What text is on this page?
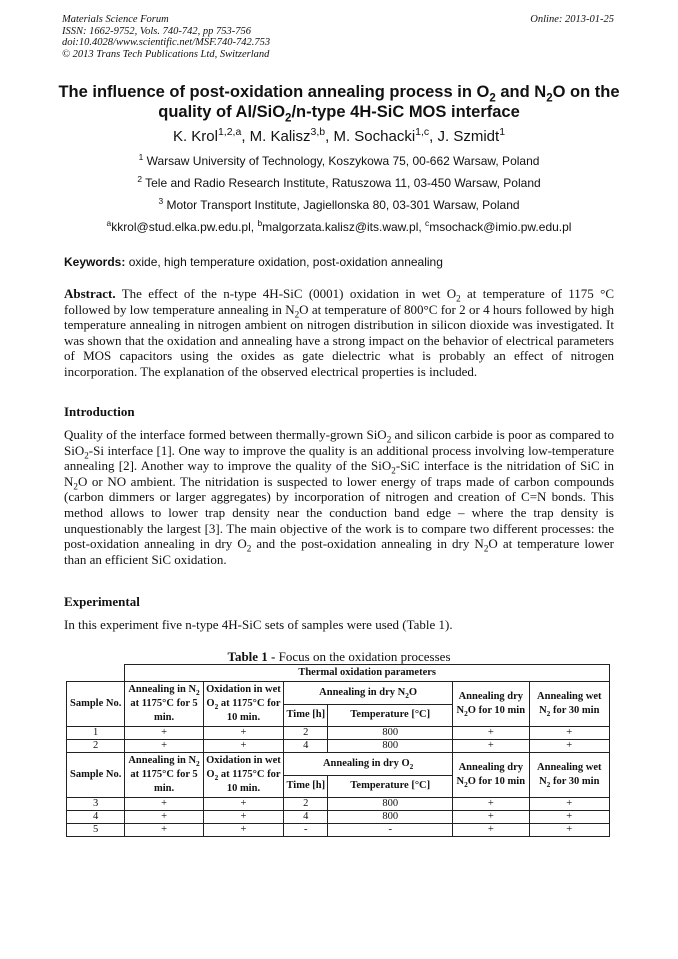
Materials Science Forum
ISSN: 1662-9752, Vols. 740-742, pp 753-756
doi:10.4028/www.scientific.net/MSF.740-742.753
© 2013 Trans Tech Publications Ltd, Switzerland
Online: 2013-01-25
The influence of post-oxidation annealing process in $O_2$ and $N_2O$ on the
quality of Al/SiO$_2$/n-type 4H-SiC MOS interface
K. Krol$^{1,2,a}$, M. Kalisz$^{3,b}$, M. Sochacki$^{1,c}$, J. Szmidt$^1$
$^1$ Warsaw University of Technology, Koszykowa 75, 00-662 Warsaw, Poland
$^2$ Tele and Radio Research Institute, Ratuszowa 11, 03-450 Warsaw, Poland
$^3$ Motor Transport Institute, Jagiellonska 80, 03-301 Warsaw, Poland
$^a$kkrol@stud.elka.pw.edu.pl, $^b$malgorzata.kalisz@its.waw.pl, $^c$msochack@imio.pw.edu.pl
Keywords: oxide, high temperature oxidation, post-oxidation annealing
Abstract. The effect of the n-type 4H-SiC (0001) oxidation in wet $O_2$ at temperature of 1175 °C followed by low temperature annealing in $N_2O$ at temperature of 800°C for 2 or 4 hours followed by high temperature annealing in nitrogen ambient on nitrogen distribution in silicon dioxide was investigated. It was shown that the oxidation and annealing have a strong impact on the behavior of electrical parameters of MOS capacitors using the oxides as gate dielectric what is probably an effect of nitrogen incorporation. The explanation of the observed electrical properties is included.
Introduction
Quality of the interface formed between thermally-grown SiO$_2$ and silicon carbide is poor as compared to SiO$_2$-Si interface [1]. One way to improve the quality is an additional process involving low-temperature annealing [2]. Another way to improve the quality of the SiO$_2$-SiC interface is the nitridation of SiC in $N_2O$ or NO ambient. The nitridation is suspected to lower energy of traps made of carbon compounds (carbon dimmers or larger aggregates) by incorporation of nitrogen and creation of C=N bonds. This method allows to lower trap density near the conduction band edge – where the trap density is unquestionably the largest [3]. The main objective of the work is to compare two different processes: the post-oxidation annealing in dry $O_2$ and the post-oxidation annealing in dry $N_2O$ at temperature lower than an efficient SiC oxidation.
Experimental
In this experiment five n-type 4H-SiC sets of samples were used (Table 1).
Table 1 - Focus on the oxidation processes
	Thermal oxidation parameters					
Sample No.	Annealing in $N_2$ at 1175°C for 5 min.	Oxidation in wet $O_2$ at 1175°C for 10 min.	Annealing in dry $N_2O$		Annealing dry $N_2O$ for 10 min	Annealing wet $N_2$ for 30 min
			Time [h]	Temperature [°C]		
1	+	+	2	800	+	+
2	+	+	4	800	+	+
Sample No.	Annealing in $N_2$ at 1175°C for 5 min.	Oxidation in wet $O_2$ at 1175°C for 10 min.	Annealing in dry $O_2$		Annealing dry $N_2O$ for 10 min	Annealing wet $N_2$ for 30 min
			Time [h]	Temperature [°C]		
3	+	+	2	800	+	+
4	+	+	4	800	+	+
5	+	+	-	-	+	+
